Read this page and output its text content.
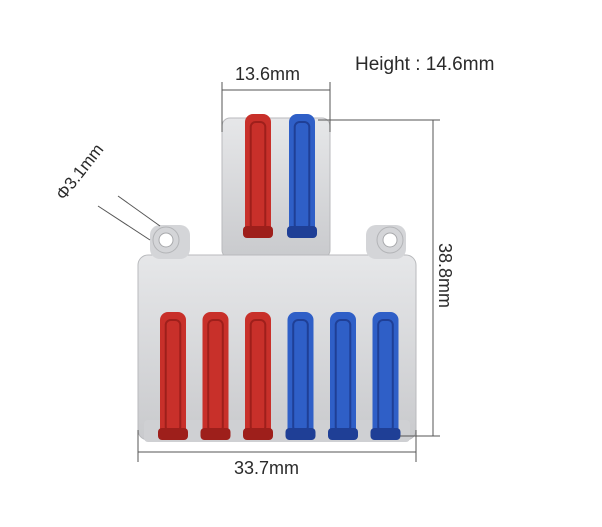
Height : 14.6mm
13.6mm
38.8mm
33.7mm
Φ3.1mm
